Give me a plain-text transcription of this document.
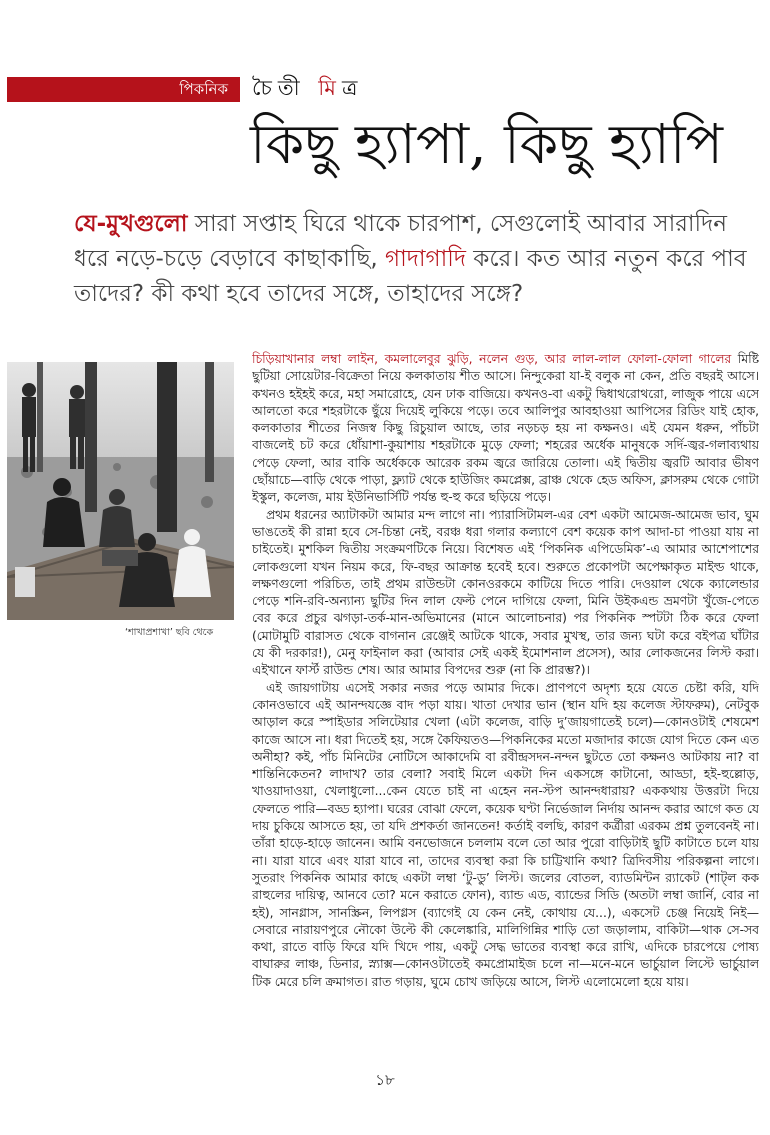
পিকনিক	চৈতী মিত্র
কিছু হ্যাপা, কিছু হ্যাপি

যে-মুখগুলো সারা সপ্তাহ ঘিরে থাকে চারপাশ, সেগুলোই আবার সারাদিন ধরে নড়ে-চড়ে বেড়াবে কাছাকাছি, গাদাগাদি করে। কত আর নতুন করে পাব তাদের? কী কথা হবে তাদের সঙ্গে, তাহাদের সঙ্গে?

‘শাখাপ্রশাখা’ ছবি থেকে

চিড়িয়াখানার লম্বা লাইন, কমলালেবুর ঝুড়ি, নলেন গুড়, আর লাল-লাল ফোলা-ফোলা গালের মিষ্টি ছুটিয়া সোয়েটার-বিক্রেতা নিয়ে কলকাতায় শীত আসে। নিন্দুকেরা যা-ই বলুক না কেন, প্রতি বছরই আসে। কখনও হইহই করে, মহা সমারোহে, যেন ঢাক বাজিয়ে। কখনও-বা একটু দ্বিধাথরোথরো, লাজুক পায়ে এসে আলতো করে শহরটাকে ছুঁয়ে দিয়েই লুকিয়ে পড়ে। তবে আলিপুর আবহাওয়া আপিসের রিডিং যাই হোক, কলকাতার শীতের নিজস্ব কিছু রিচুয়াল আছে, তার নড়চড় হয় না কক্ষনও। এই যেমন ধরুন, পাঁচটা বাজলেই চট করে ধোঁয়াশা-কুয়াশায় শহরটাকে মুড়ে ফেলা; শহরের অর্ধেক মানুষকে সর্দি-জ্বর-গলাব্যথায় পেড়ে ফেলা, আর বাকি অর্ধেককে আরেক রকম জ্বরে জারিয়ে তোলা। এই দ্বিতীয় জ্বরটি আবার ভীষণ ছোঁয়াচে—বাড়ি থেকে পাড়া, ফ্ল্যাট থেকে হাউজিং কমপ্লেক্স, ব্রাঞ্চ থেকে হেড অফিস, ক্লাসরুম থেকে গোটা ইস্কুল, কলেজ, মায় ইউনিভার্সিটি পর্যন্ত হু-হু করে ছড়িয়ে পড়ে।

প্রথম ধরনের অ্যাটাকটা আমার মন্দ লাগে না। প্যারাসিটামল-এর বেশ একটা আমেজ-আমেজ ভাব, ঘুম ভাঙতেই কী রান্না হবে সে-চিন্তা নেই, বরঞ্চ ধরা গলার কল্যাণে বেশ কয়েক কাপ আদা-চা পাওয়া যায় না চাইতেই। মুশকিল দ্বিতীয় সংক্রমণটিকে নিয়ে। বিশেষত এই ‘পিকনিক এপিডেমিক’-এ আমার আশেপাশের লোকগুলো যখন নিয়ম করে, ফি-বছর আক্রান্ত হবেই হবে। শুরুতে প্রকোপটা অপেক্ষাকৃত মাইল্ড থাকে, লক্ষণগুলো পরিচিত, তাই প্রথম রাউন্ডটা কোনওরকমে কাটিয়ে দিতে পারি। দেওয়াল থেকে ক্যালেন্ডার পেড়ে শনি-রবি-অন্যান্য ছুটির দিন লাল ফেল্ট পেনে দাগিয়ে ফেলা, মিনি উইকএন্ড ভ্রমণটা খুঁজে-পেতে বের করে প্রচুর ঝগড়া-তর্ক-মান-অভিমানের (মানে আলোচনার) পর পিকনিক স্পটটা ঠিক করে ফেলা (মোটামুটি বারাসত থেকে বাগনান রেঞ্জেই আটকে থাকে, সবার মুখস্থ, তার জন্য ঘটা করে বইপত্র ঘাঁটার যে কী দরকার!), মেনু ফাইনাল করা (আবার সেই একই ইমোশনাল প্রসেস), আর লোকজনের লিস্ট করা। এইখানে ফার্স্ট রাউন্ড শেষ। আর আমার বিপদের শুরু (না কি প্রারম্ভ?)।

এই জায়গাটায় এসেই সকার নজর পড়ে আমার দিকে। প্রাণপণে অদৃশ্য হয়ে যেতে চেষ্টা করি, যদি কোনওভাবে এই আনন্দযজ্ঞে বাদ পড়া যায়। খাতা দেখার ভান (স্থান যদি হয় কলেজ স্টাফরুম), নেটবুক আড়াল করে স্পাইডার সলিটেয়ার খেলা (এটা কলেজ, বাড়ি দু’জায়গাতেই চলে)—কোনওটাই শেষমেশ কাজে আসে না। ধরা দিতেই হয়, সঙ্গে কৈফিয়তও—পিকনিকের মতো মজাদার কাজে যোগ দিতে কেন এত অনীহা? কই, পাঁচ মিনিটের নোটিসে আকাদেমি বা রবীন্দ্রসদন-নন্দন ছুটতে তো কক্ষনও আটকায় না? বা শান্তিনিকেতন? লাদাখ? তার বেলা? সবাই মিলে একটা দিন একসঙ্গে কাটানো, আড্ডা, হই-হুল্লোড়, খাওয়াদাওয়া, খেলাধুলো...কেন যেতে চাই না এহেন নন-স্টপ আনন্দধারায়? এককথায় উত্তরটা দিয়ে ফেলতে পারি—বড্ড হ্যাপা। ঘরের বোঝা ফেলে, কয়েক ঘণ্টা নির্ভেজাল নির্দায় আনন্দ করার আগে কত যে দায় চুকিয়ে আসতে হয়, তা যদি প্রশকর্তা জানতেন! কর্তাই বলছি, কারণ কর্ত্রীরা এরকম প্রশ্ন তুলবেনই না। তাঁরা হাড়ে-হাড়ে জানেন। আমি বনভোজনে চললাম বলে তো আর পুরো বাড়িটাই ছুটি কাটাতে চলে যায় না। যারা যাবে এবং যারা যাবে না, তাদের ব্যবস্থা করা কি চাট্টিখানি কথা? ত্রিদিবসীয় পরিকল্পনা লাগে। সুতরাং পিকনিক আমার কাছে একটা লম্বা ‘টু-ডু’ লিস্ট। জলের বোতল, ব্যাডমিন্টন র‍্যাকেট (শাট্‌ল কক রাহুলের দায়িত্ব, আনবে তো? মনে করাতে ফোন), ব্যান্ড এড, ব্যান্ডের সিডি (অতটা লম্বা জার্নি, বোর না হই), সানগ্লাস, সানস্ক্রিন, লিপগ্লস (ব্যাগেই যে কেন নেই, কোথায় যে...), একসেট চেঞ্জ নিয়েই নিই—সেবারে নারায়ণপুরে নৌকো উল্টে কী কেলেঙ্কারি, মালিগিন্নির শাড়ি তো জড়ালাম, বাকিটা—থাক সে-সব কথা, রাতে বাড়ি ফিরে যদি খিদে পায়, একটু সেদ্ধ ভাতের ব্যবস্থা করে রাখি, এদিকে চারপেয়ে পোষ্য বাঘারুর লাঞ্চ, ডিনার, স্ন্যাক্স—কোনওটাতেই কমপ্রোমাইজ চলে না—মনে-মনে ভার্চুয়াল লিস্টে ভার্চুয়াল টিক মেরে চলি ক্রমাগত। রাত গড়ায়, ঘুমে চোখ জড়িয়ে আসে, লিস্ট এলোমেলো হয়ে যায়।

১৮
